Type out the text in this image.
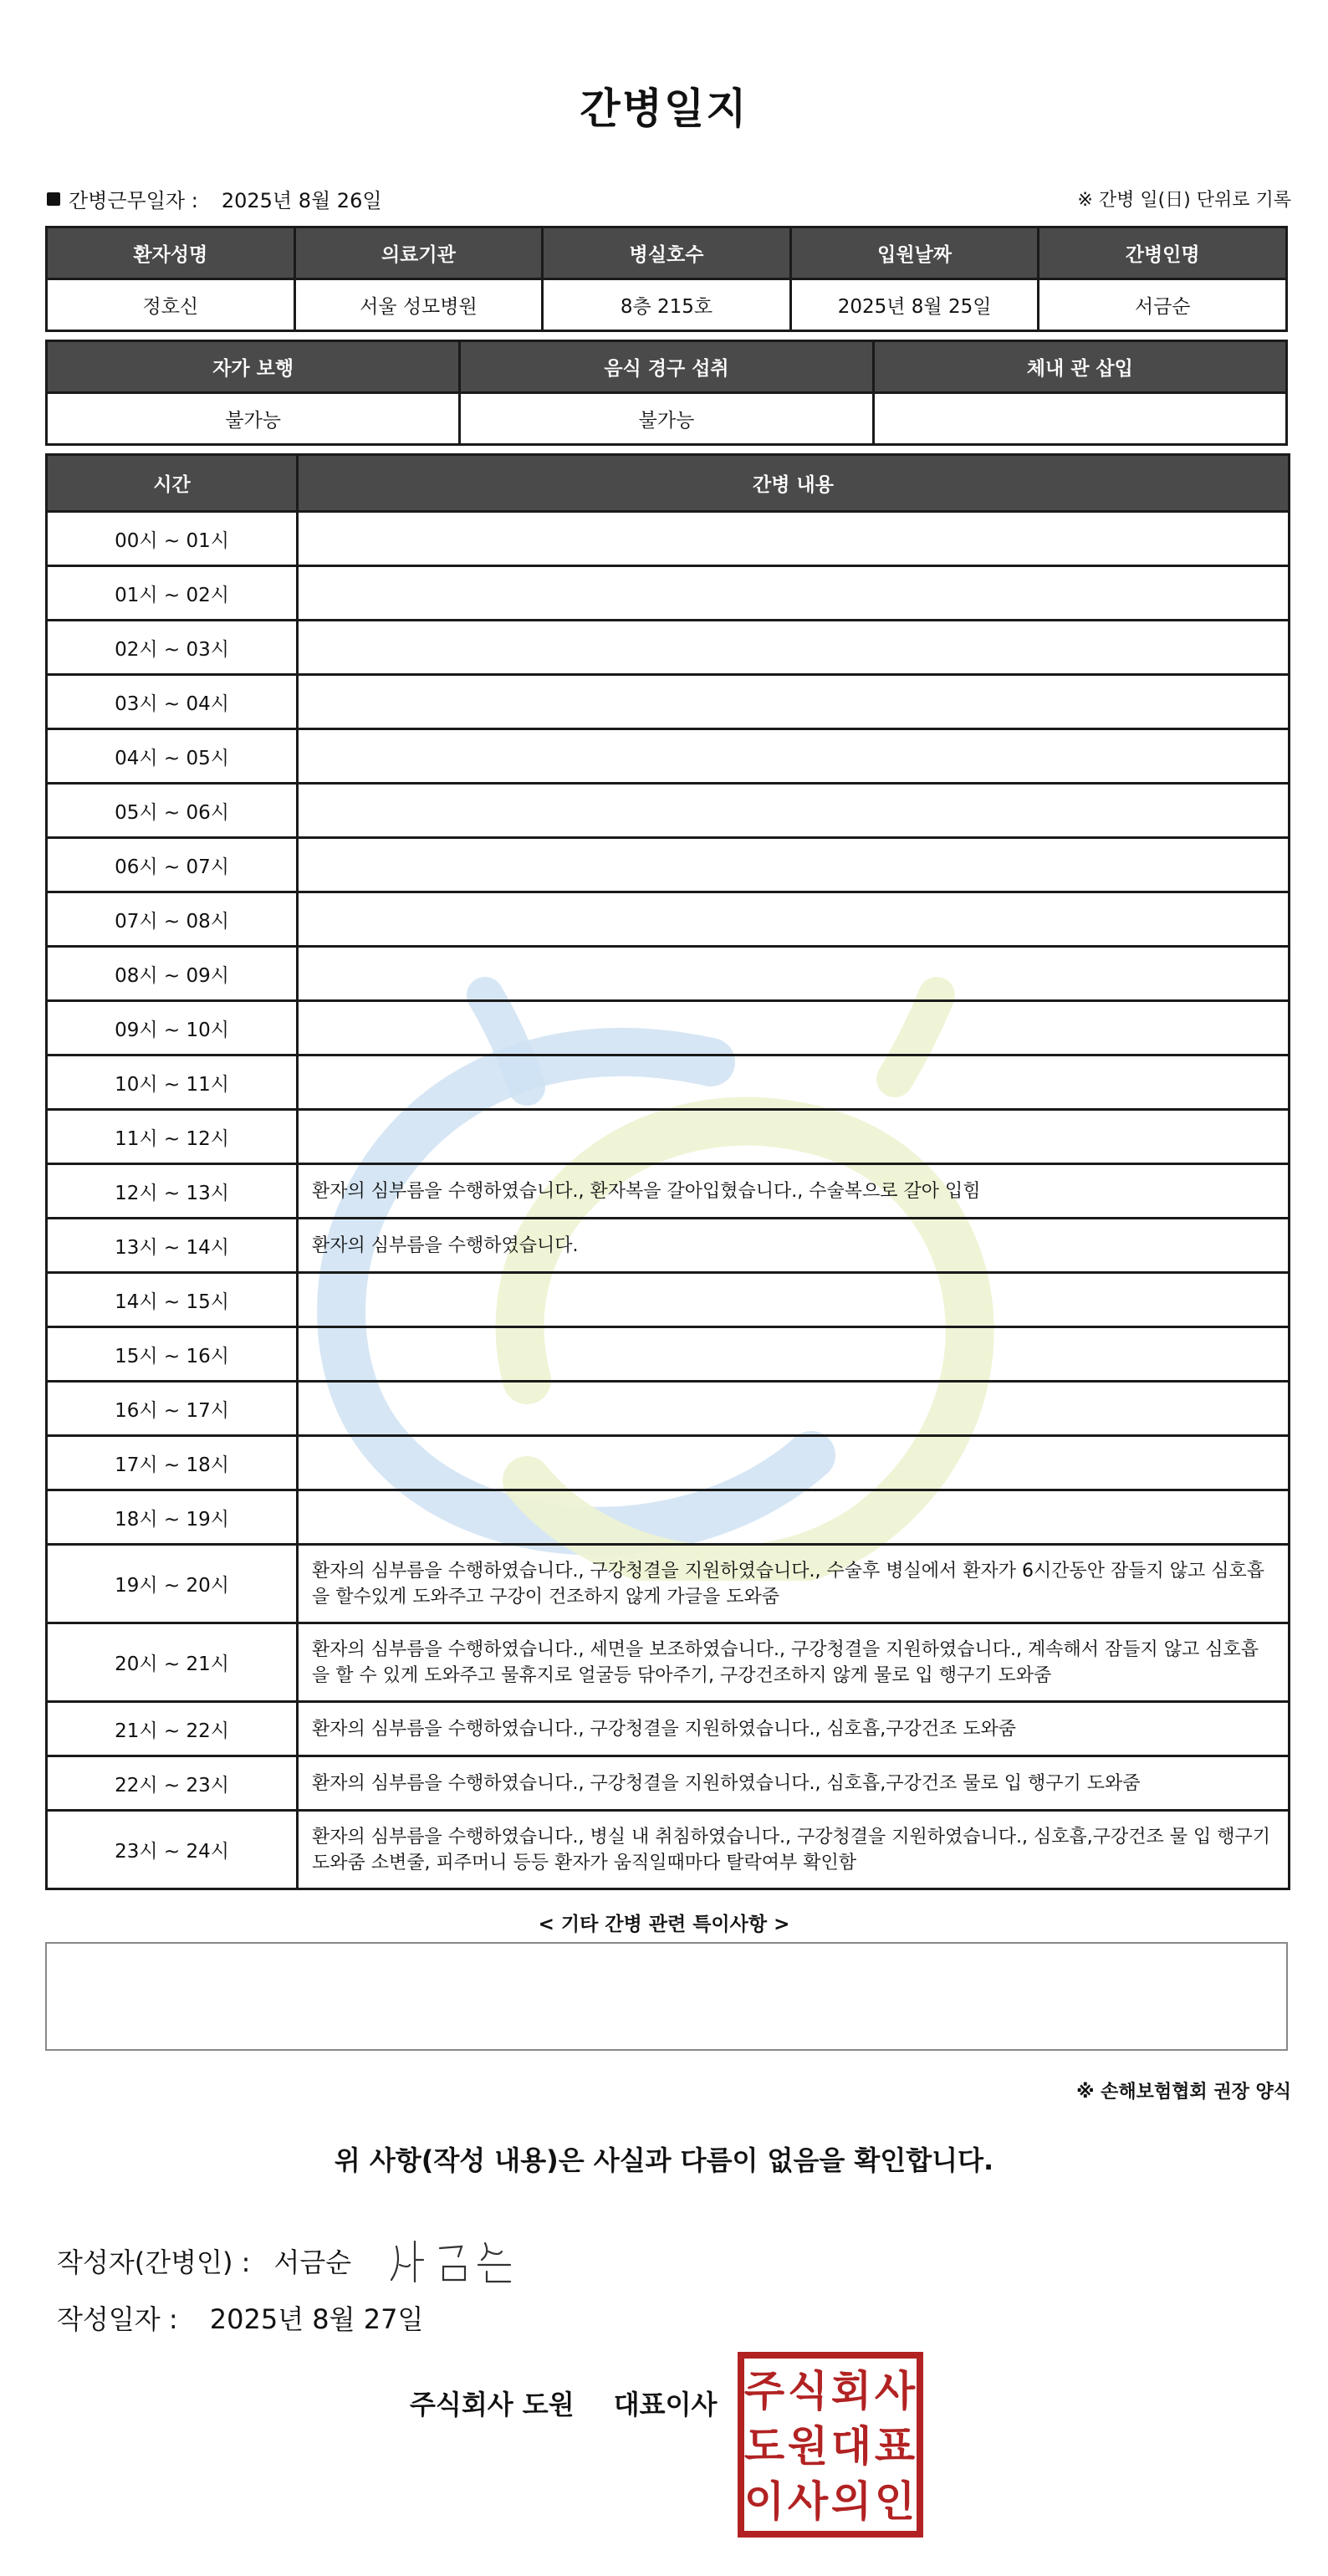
간병일지
간병근무일자 : 2025년 8월 26일	※ 간병 일(日) 단위로 기록
환자성명	의료기관	병실호수	입원날짜	간병인명
정호신	서울 성모병원	8층 215호	2025년 8월 25일	서금순
자가 보행	음식 경구 섭취	체내 관 삽입
불가능	불가능	
시간	간병 내용
00시 ~ 01시	
01시 ~ 02시	
02시 ~ 03시	
03시 ~ 04시	
04시 ~ 05시	
05시 ~ 06시	
06시 ~ 07시	
07시 ~ 08시	
08시 ~ 09시	
09시 ~ 10시	
10시 ~ 11시	
11시 ~ 12시	
12시 ~ 13시	환자의 심부름을 수행하였습니다., 환자복을 갈아입혔습니다., 수술복으로 갈아 입힘
13시 ~ 14시	환자의 심부름을 수행하였습니다.
14시 ~ 15시	
15시 ~ 16시	
16시 ~ 17시	
17시 ~ 18시	
18시 ~ 19시	
19시 ~ 20시	환자의 심부름을 수행하였습니다., 구강청결을 지원하였습니다., 수술후 병실에서 환자가 6시간동안 잠들지 않고 심호흡을 할수있게 도와주고 구강이 건조하지 않게 가글을 도와줌
20시 ~ 21시	환자의 심부름을 수행하였습니다., 세면을 보조하였습니다., 구강청결을 지원하였습니다., 계속해서 잠들지 않고 심호흡을 할 수 있게 도와주고 물휴지로 얼굴등 닦아주기, 구강건조하지 않게 물로 입 행구기 도와줌
21시 ~ 22시	환자의 심부름을 수행하였습니다., 구강청결을 지원하였습니다., 심호흡,구강건조 도와줌
22시 ~ 23시	환자의 심부름을 수행하였습니다., 구강청결을 지원하였습니다., 심호흡,구강건조 물로 입 행구기 도와줌
23시 ~ 24시	환자의 심부름을 수행하였습니다., 병실 내 취침하였습니다., 구강청결을 지원하였습니다., 심호흡,구강건조 물 입 행구기 도와줌 소변줄, 피주머니 등등 환자가 움직일때마다 탈락여부 확인함
< 기타 간병 관련 특이사항 >
※ 손해보험협회 권장 양식
위 사항(작성 내용)은 사실과 다름이 없음을 확인합니다.
작성자(간병인) : 서금순
작성일자 : 2025년 8월 27일
주식회사 도원 대표이사 주 식 회 사
도 원 대 표
이 사 의 인
